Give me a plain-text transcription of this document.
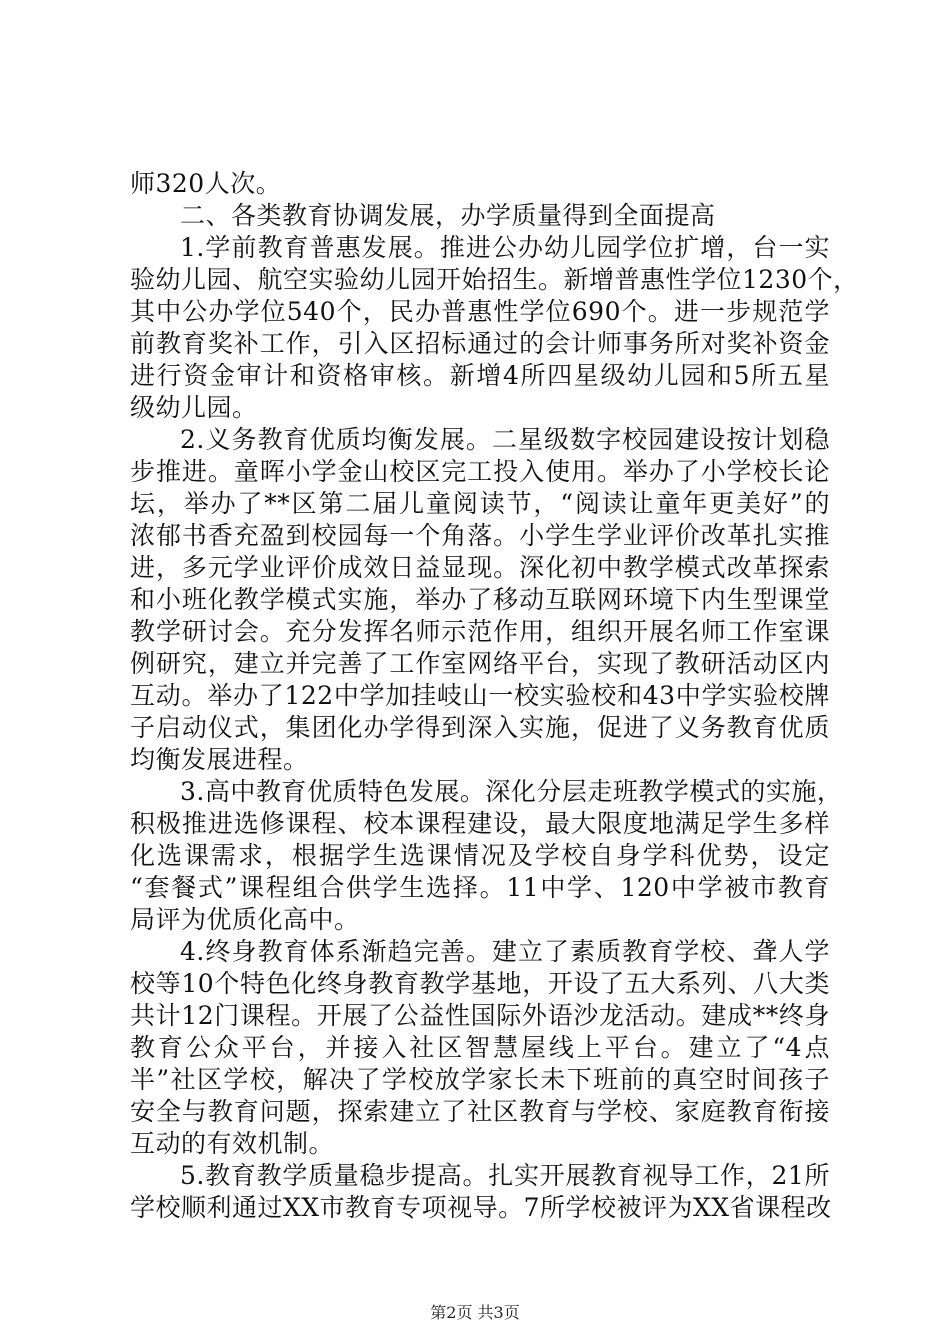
师320人次。
二、各类教育协调发展，办学质量得到全面提高
1.学前教育普惠发展。推进公办幼儿园学位扩增，台一实
验幼儿园、航空实验幼儿园开始招生。新增普惠性学位1230个，
其中公办学位540个，民办普惠性学位690个。进一步规范学
前教育奖补工作，引入区招标通过的会计师事务所对奖补资金
进行资金审计和资格审核。新增4所四星级幼儿园和5所五星
级幼儿园。
2.义务教育优质均衡发展。二星级数字校园建设按计划稳
步推进。童晖小学金山校区完工投入使用。举办了小学校长论
坛，举办了**区第二届儿童阅读节，“阅读让童年更美好”的
浓郁书香充盈到校园每一个角落。小学生学业评价改革扎实推
进，多元学业评价成效日益显现。深化初中教学模式改革探索
和小班化教学模式实施，举办了移动互联网环境下内生型课堂
教学研讨会。充分发挥名师示范作用，组织开展名师工作室课
例研究，建立并完善了工作室网络平台，实现了教研活动区内
互动。举办了122中学加挂岐山一校实验校和43中学实验校牌
子启动仪式，集团化办学得到深入实施，促进了义务教育优质
均衡发展进程。
3.高中教育优质特色发展。深化分层走班教学模式的实施，
积极推进选修课程、校本课程建设，最大限度地满足学生多样
化选课需求，根据学生选课情况及学校自身学科优势，设定
“套餐式”课程组合供学生选择。11中学、120中学被市教育
局评为优质化高中。
4.终身教育体系渐趋完善。建立了素质教育学校、聋人学
校等10个特色化终身教育教学基地，开设了五大系列、八大类
共计12门课程。开展了公益性国际外语沙龙活动。建成**终身
教育公众平台，并接入社区智慧屋线上平台。建立了“4点
半”社区学校，解决了学校放学家长未下班前的真空时间孩子
安全与教育问题，探索建立了社区教育与学校、家庭教育衔接
互动的有效机制。
5.教育教学质量稳步提高。扎实开展教育视导工作，21所
学校顺利通过XX市教育专项视导。7所学校被评为XX省课程改
第2页 共3页
